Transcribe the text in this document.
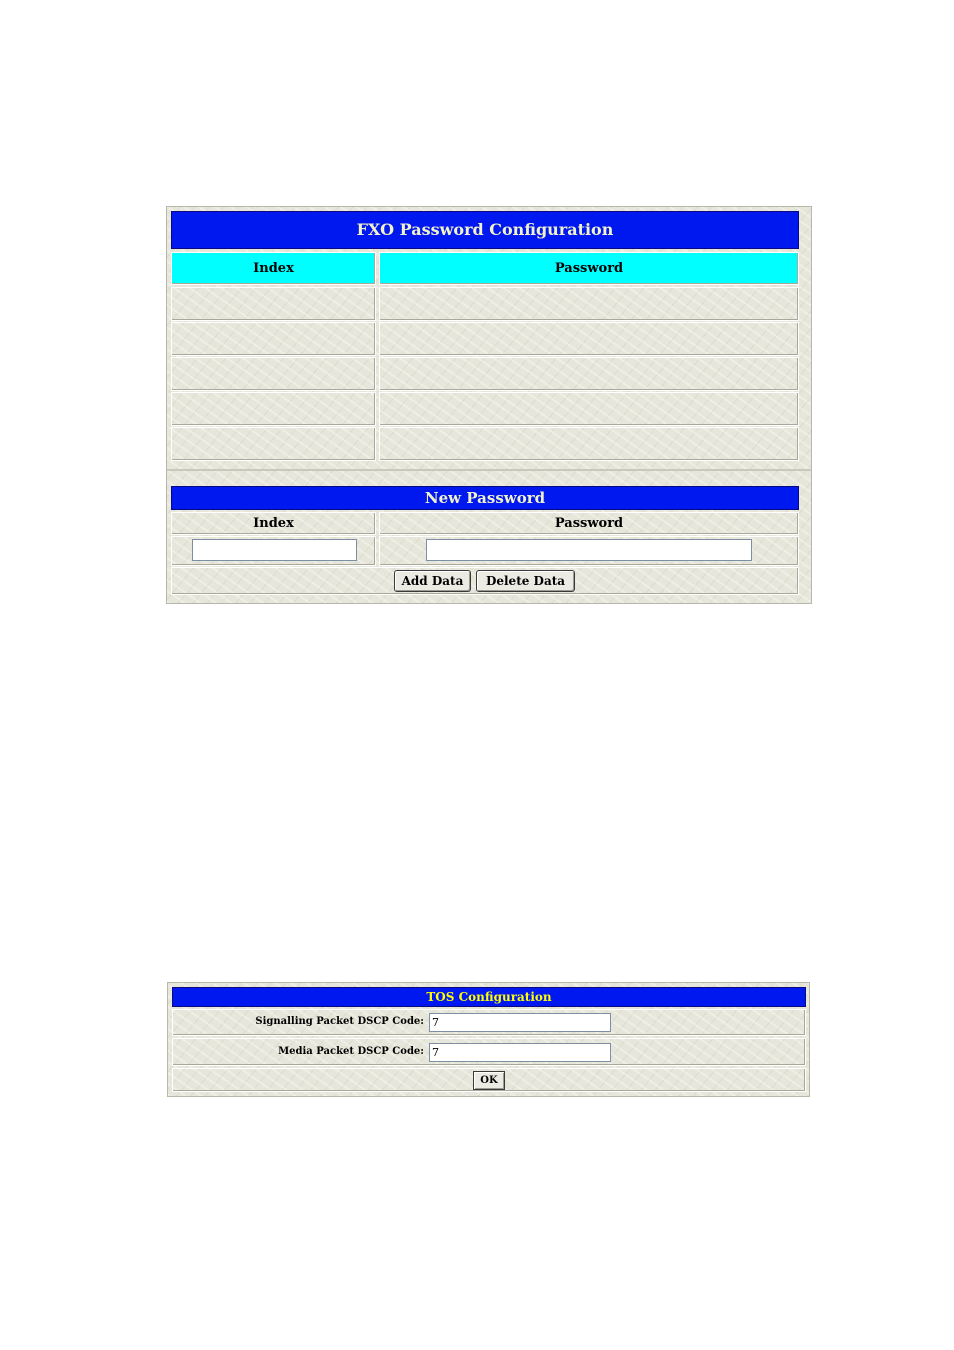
FXO Password Configuration
Index	Password
New Password
Index	Password
Add Data	Delete Data
TOS Configuration
Signalling Packet DSCP Code:
7
Media Packet DSCP Code:
7
OK
